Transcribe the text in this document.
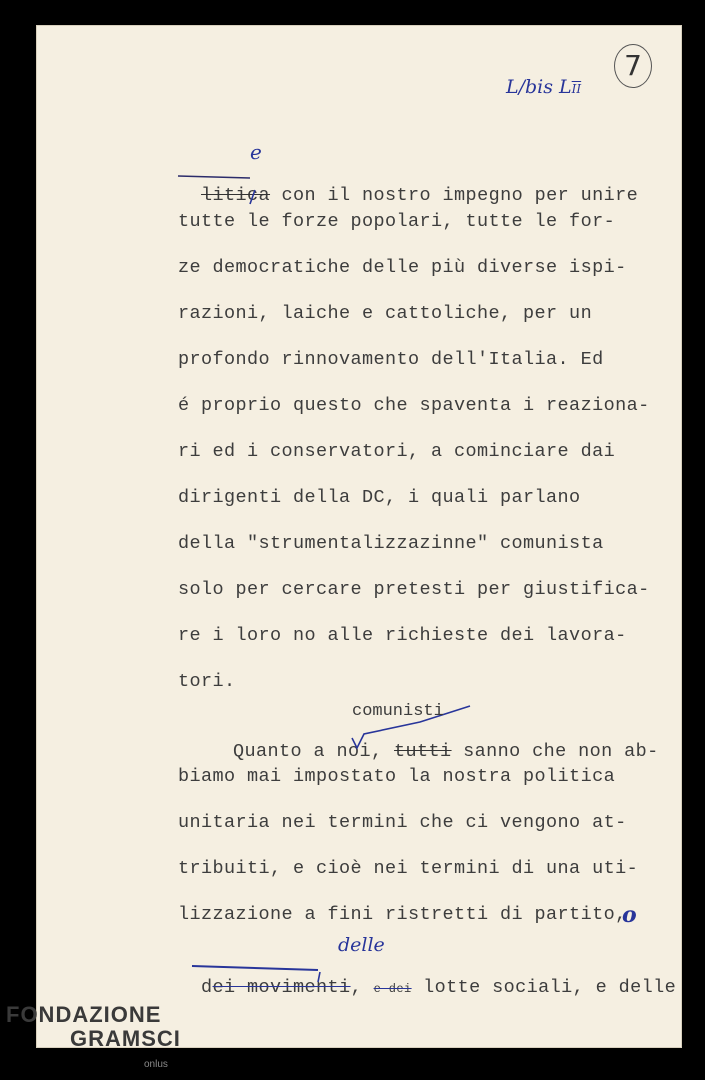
7
L/bis $L\overline{II}$

litica con il nostro impegno per unire

tutte le forze popolari, tutte le for-
ze democratiche delle più diverse ispi-
razioni, laiche e cattoliche, per un
profondo rinnovamento dell'Italia. Ed
é proprio questo che spaventa i reaziona-
ri ed i conservatori, a cominciare dai
dirigenti della DC, i quali parlano
della "strumentalizzazinne" comunista
solo per cercare pretesti per giustifica-
re i loro no alle richieste dei lavora-
tori.

Quanto a noi, tutti sanno che non ab-

biamo mai impostato la nostra politica
unitaria nei termini che ci vengono at-
tribuiti, e cioè nei termini di una uti-
lizzazione a fini ristretti di partito,

dei movimenti, e dei lotte sociali, e delle

e
comunisti
delle
o
FONDAZIONE
GRAMSCI
onlus
